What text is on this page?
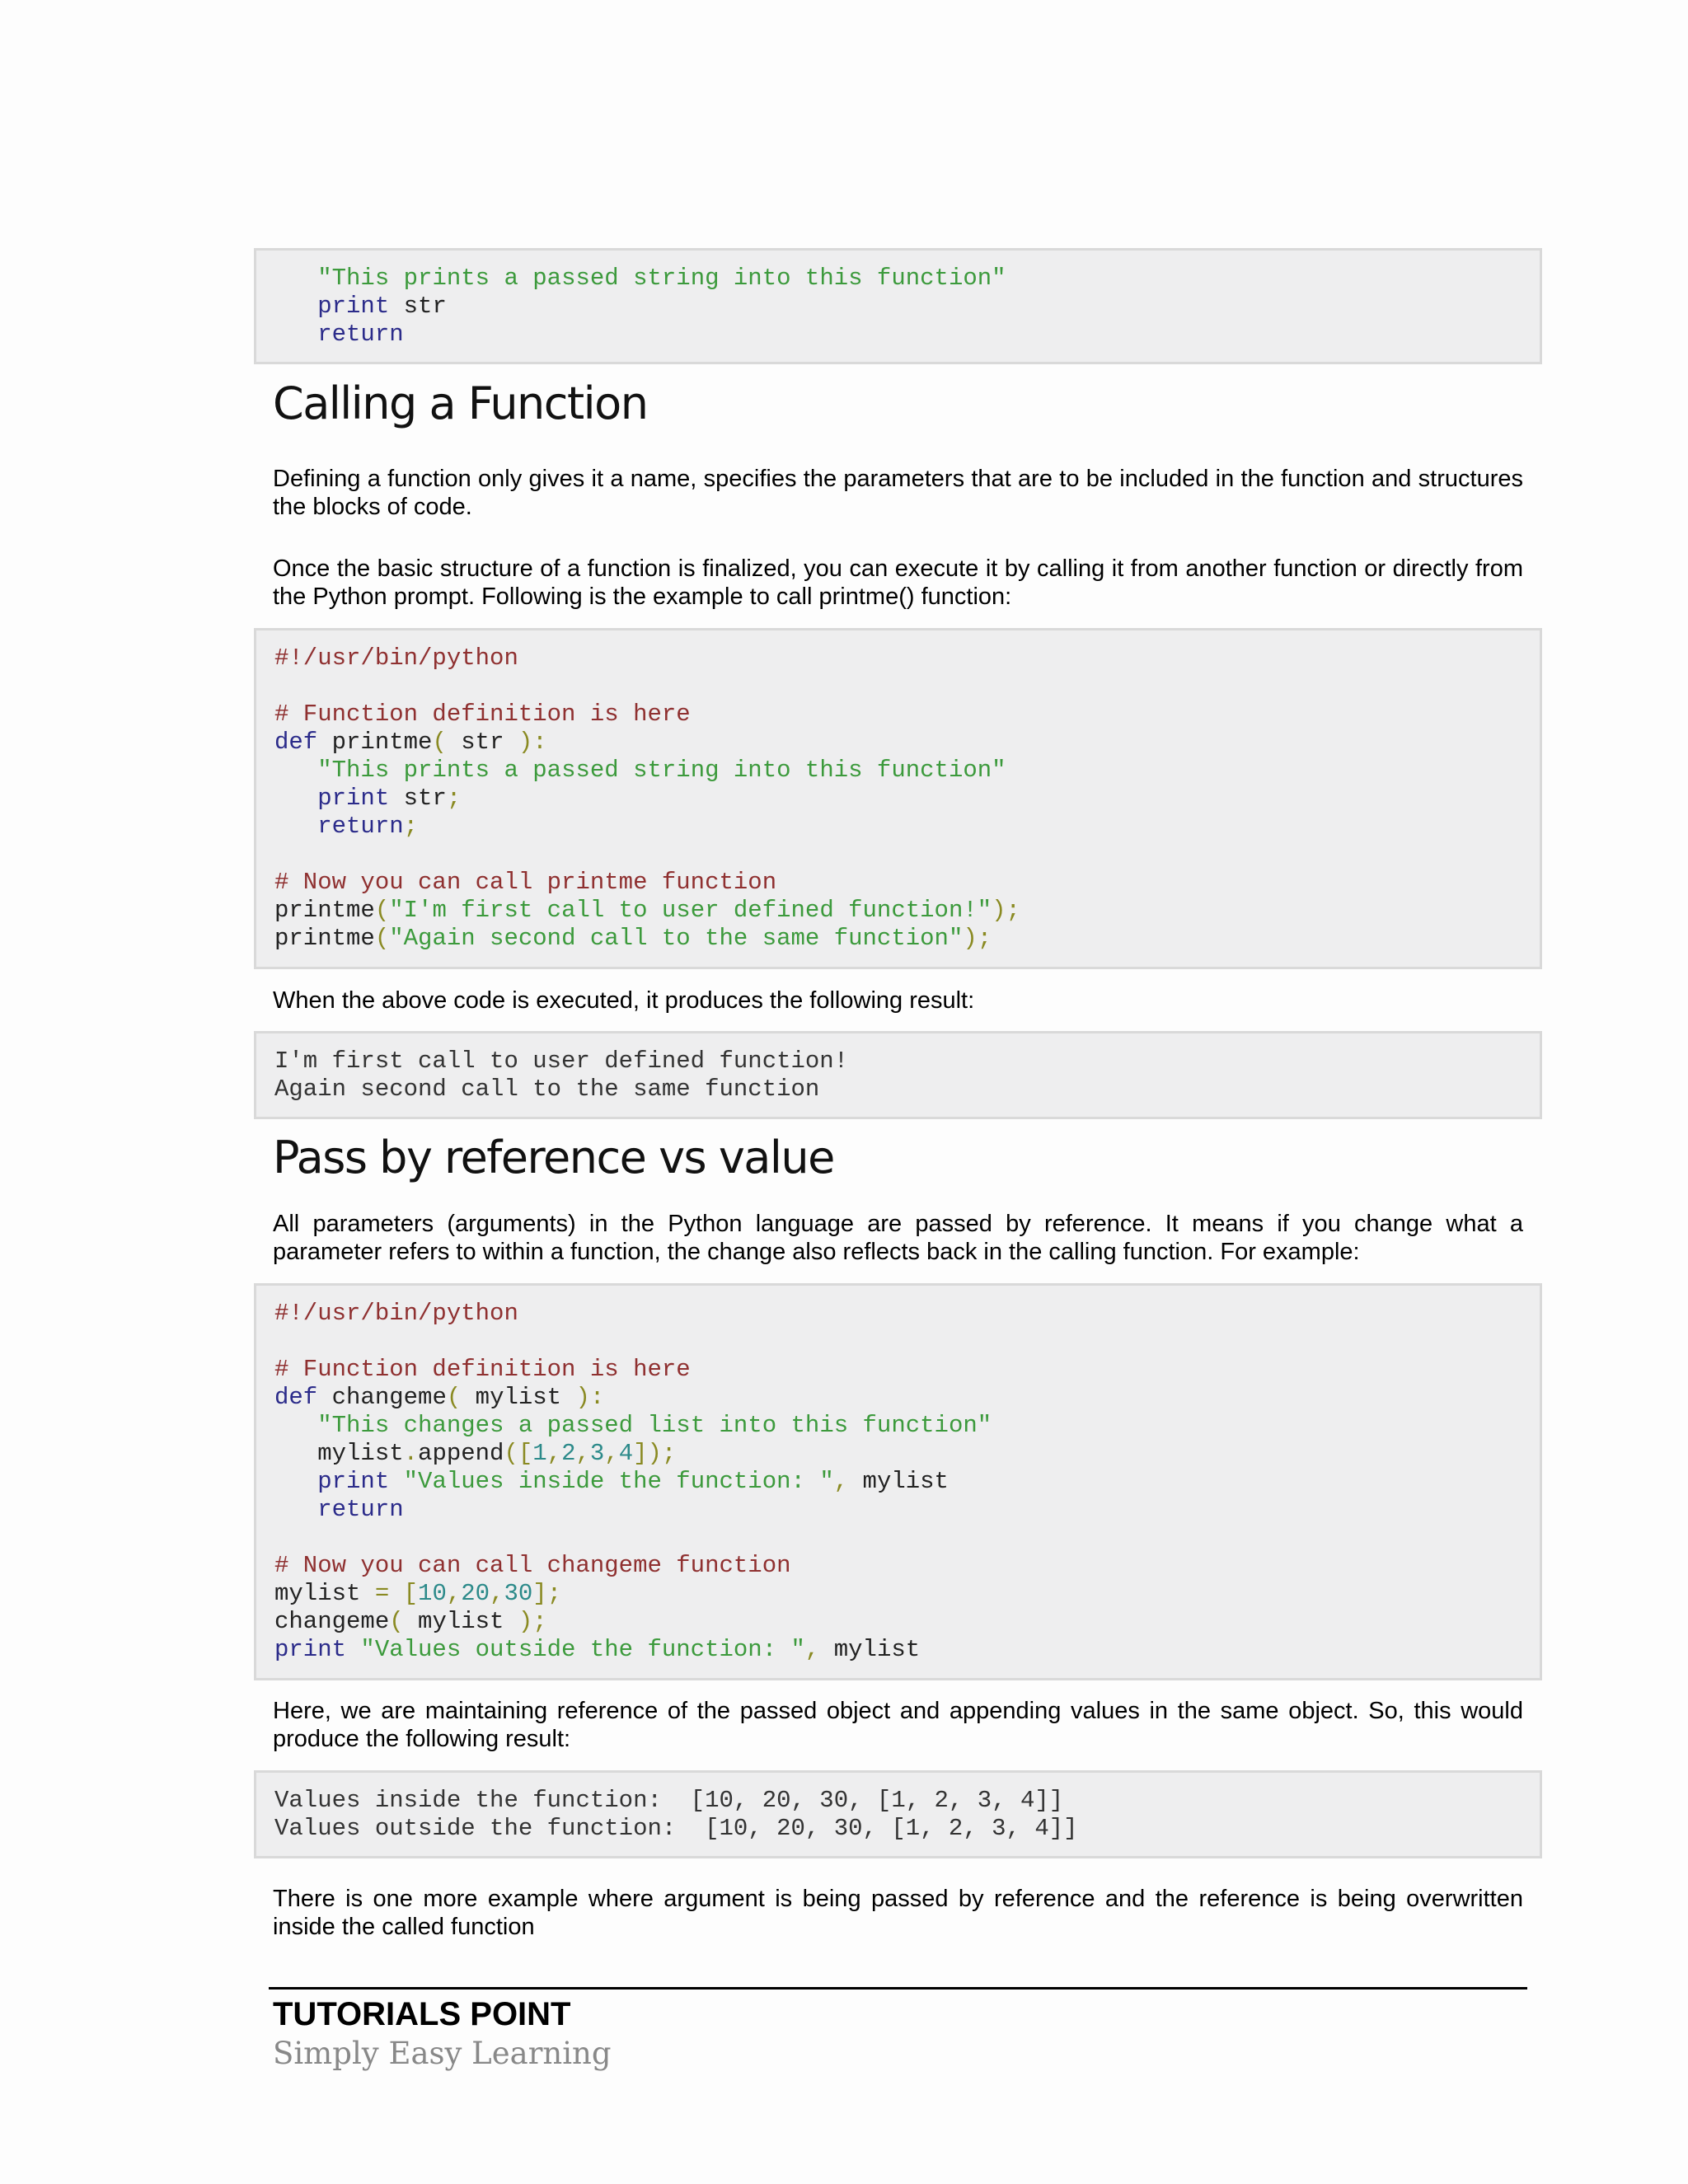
"This prints a passed string into this function"
print str
return
Calling a Function

Defining a function only gives it a name, specifies the parameters that are to be included in the function and structures the blocks of code.

Once the basic structure of a function is finalized, you can execute it by calling it from another function or directly from the Python prompt. Following is the example to call printme() function:

#!/usr/bin/python

# Function definition is here
def printme( str ):
"This prints a passed string into this function"
print str;
return;

# Now you can call printme function
printme("I'm first call to user defined function!");
printme("Again second call to the same function");

When the above code is executed, it produces the following result:

I'm first call to user defined function!
Again second call to the same function
Pass by reference vs value

All parameters (arguments) in the Python language are passed by reference. It means if you change what a parameter refers to within a function, the change also reflects back in the calling function. For example:

#!/usr/bin/python

# Function definition is here
def changeme( mylist ):
"This changes a passed list into this function"
mylist.append([1,2,3,4]);
print "Values inside the function: ", mylist
return

# Now you can call changeme function
mylist = [10,20,30];
changeme( mylist );
print "Values outside the function: ", mylist

Here, we are maintaining reference of the passed object and appending values in the same object. So, this would produce the following result:

Values inside the function:  [10, 20, 30, [1, 2, 3, 4]]
Values outside the function:  [10, 20, 30, [1, 2, 3, 4]]

There is one more example where argument is being passed by reference and the reference is being overwritten inside the called function

TUTORIALS POINT
Simply Easy Learning
